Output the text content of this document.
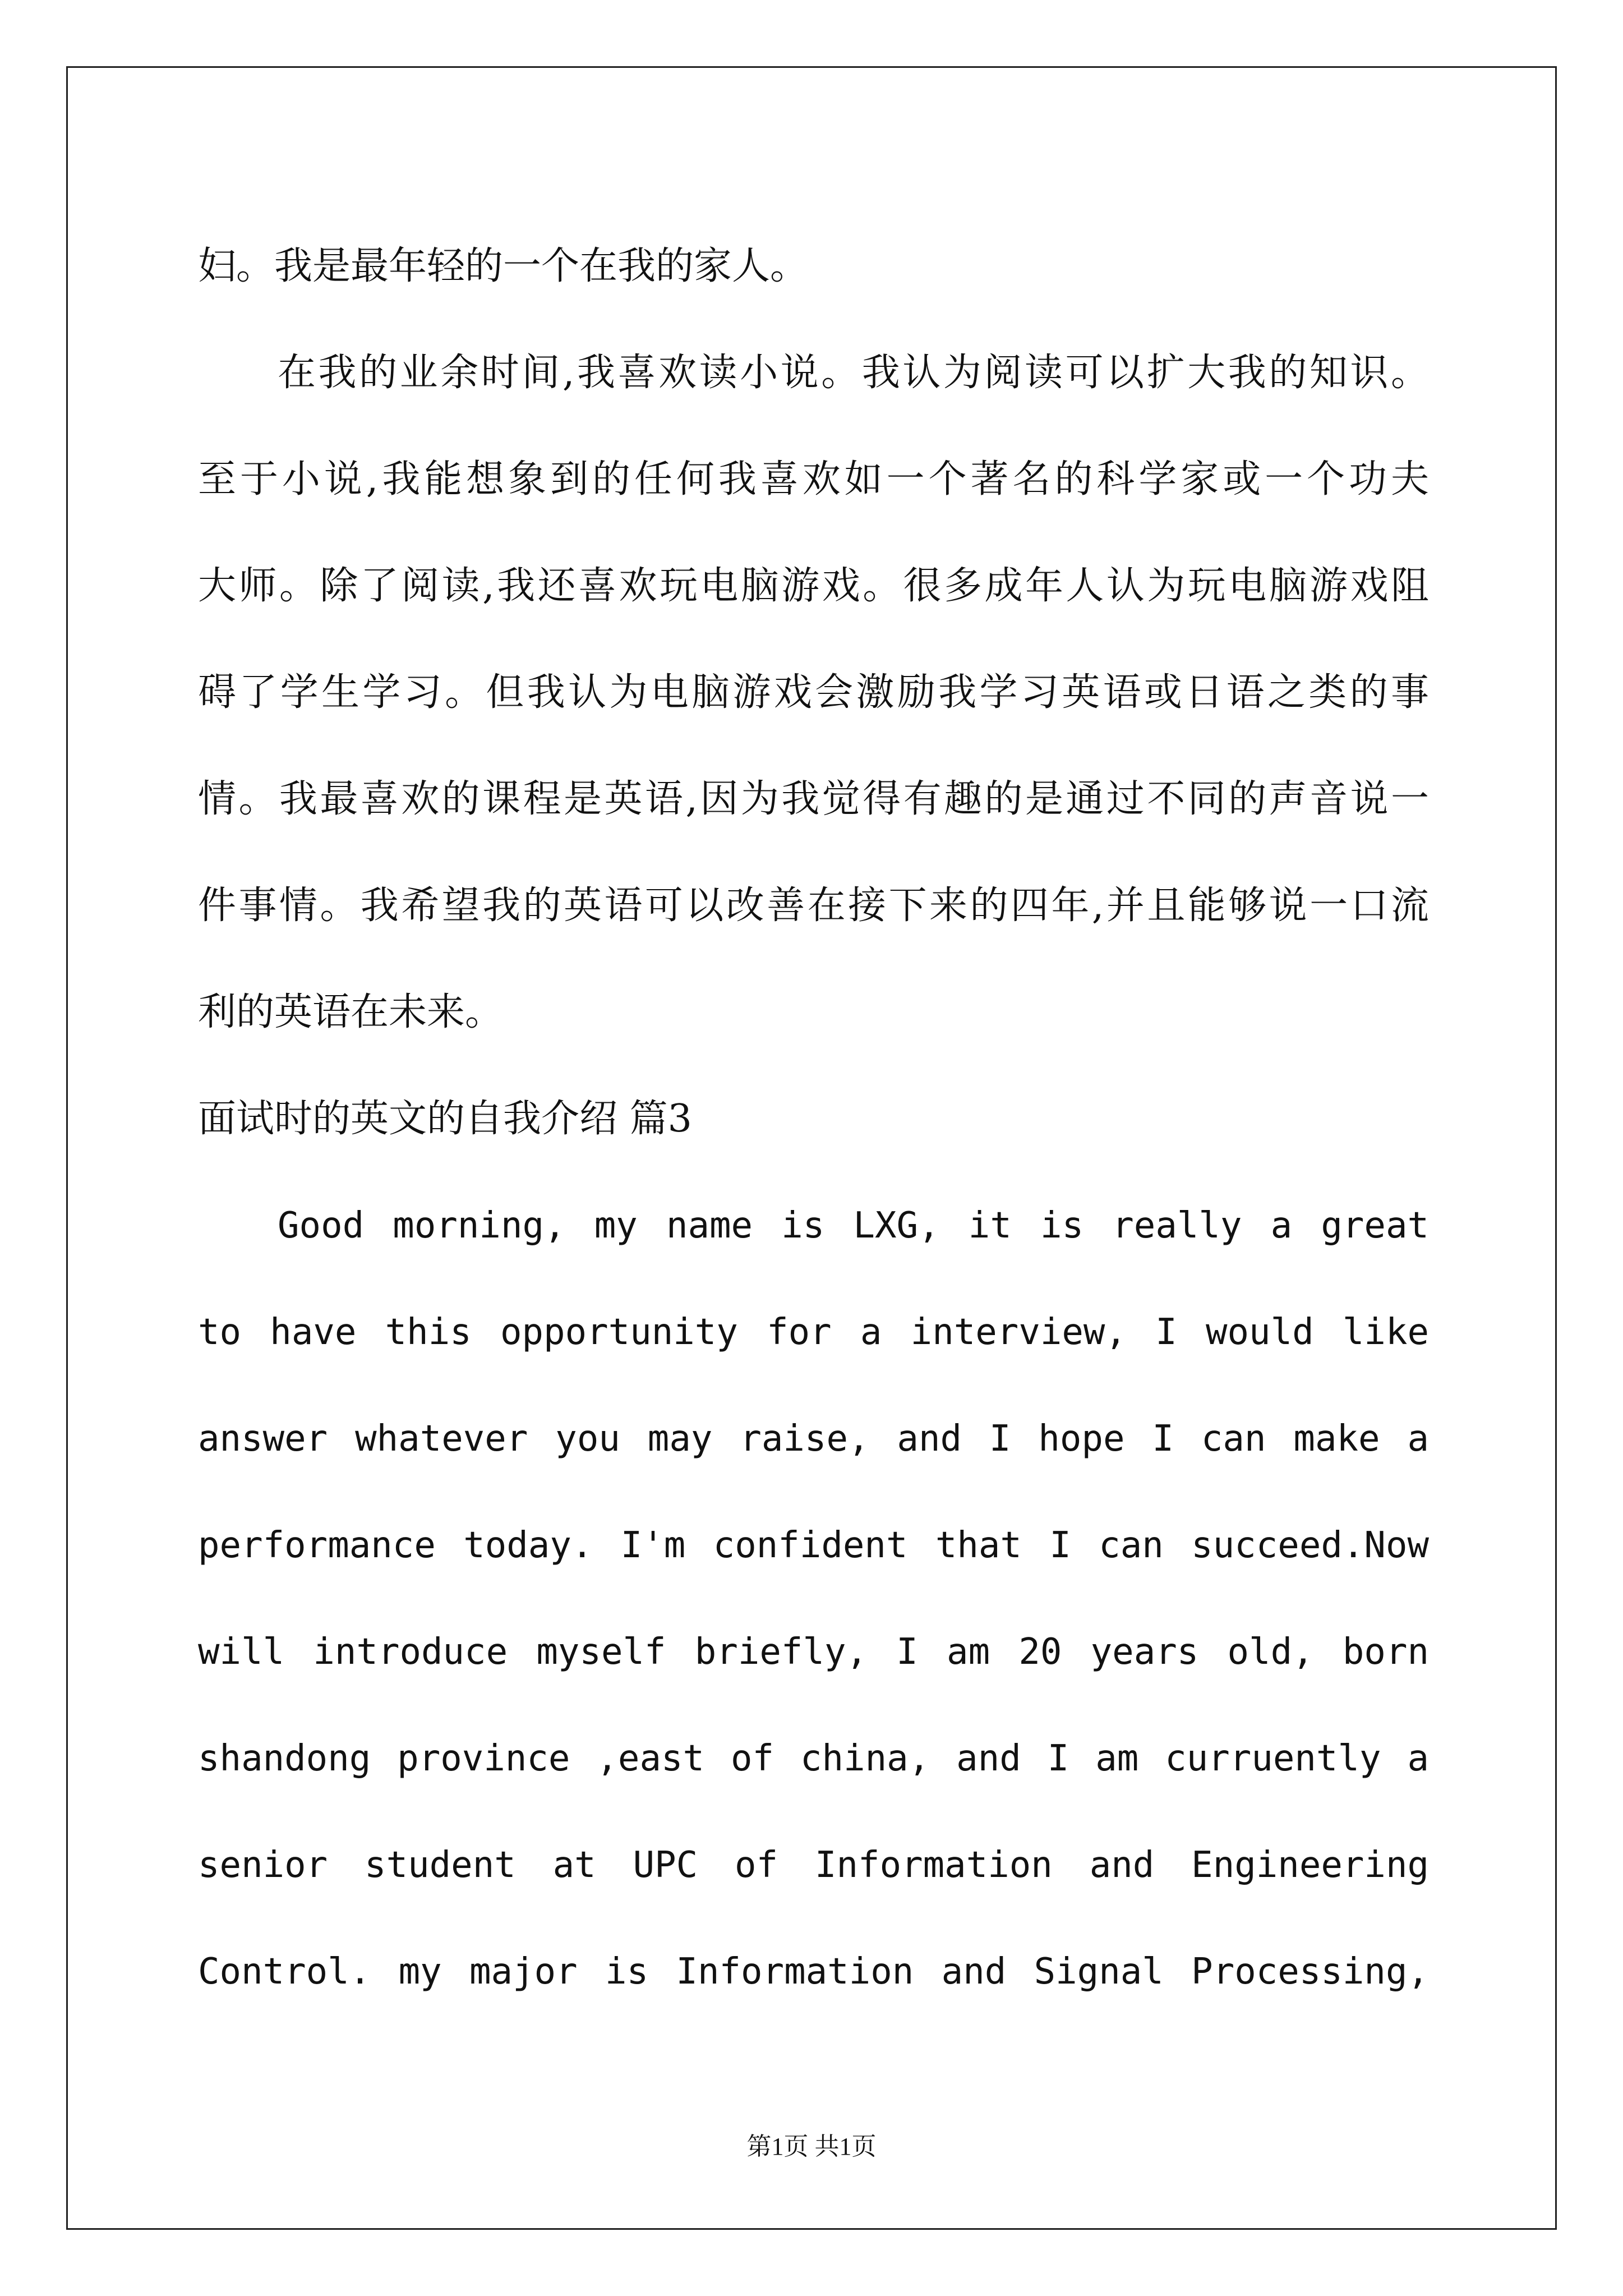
妇。我是最年轻的一个在我的家人。
在我的业余时间,我喜欢读小说。我认为阅读可以扩大我的知识。
至于小说,我能想象到的任何我喜欢如一个著名的科学家或一个功夫
大师。除了阅读,我还喜欢玩电脑游戏。很多成年人认为玩电脑游戏阻
碍了学生学习。但我认为电脑游戏会激励我学习英语或日语之类的事
情。我最喜欢的课程是英语,因为我觉得有趣的是通过不同的声音说一
件事情。我希望我的英语可以改善在接下来的四年,并且能够说一口流
利的英语在未来。
面试时的英文的自我介绍 篇3
Good morning, my name is LXG, it is really a great
to have this opportunity for a interview, I would like
answer whatever you may raise, and I hope I can make a
performance today. I'm confident that I can succeed.Now
will introduce myself briefly, I am 20 years old, born
shandong province ,east of china, and I am curruently a
senior student at UPC of Information and Engineering
Control. my major is Information and Signal Processing,
第1页 共1页
